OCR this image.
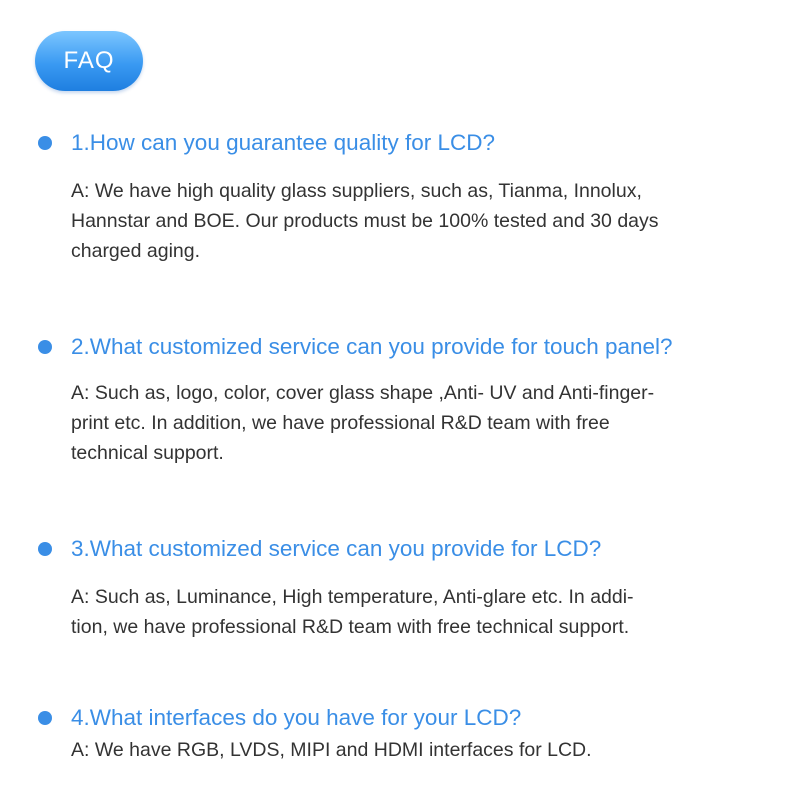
FAQ
1.How can you guarantee quality for LCD?
A: We have high quality glass suppliers, such as, Tianma, Innolux,
Hannstar and BOE. Our products must be 100% tested and 30 days
charged aging.
2.What customized service can you provide for touch panel?
A: Such as, logo, color, cover glass shape ,Anti- UV and Anti-finger-
print etc. In addition, we have professional R&D team with free
technical support.
3.What customized service can you provide for LCD?
A: Such as, Luminance, High temperature, Anti-glare etc. In addi-
tion, we have professional R&D team with free technical support.
4.What interfaces do you have for your LCD?
A: We have RGB, LVDS, MIPI and HDMI interfaces for LCD.
